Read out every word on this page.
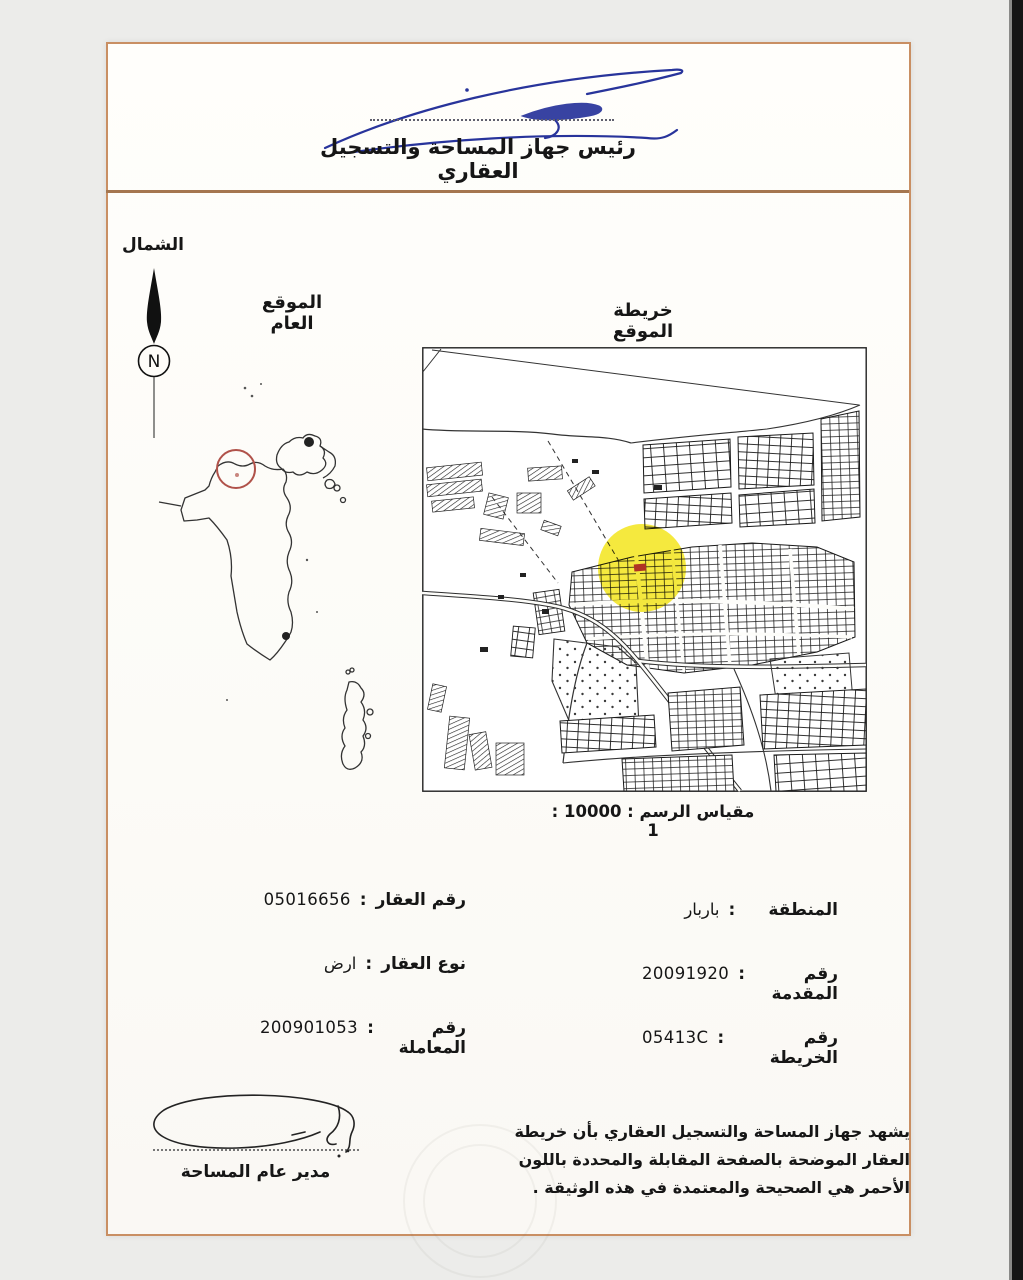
رئيس جهاز المساحة والتسجيل العقاري
الشمال
N
الموقع العام
خريطة الموقع
مقياس الرسم : 10000 : 1
المنطقة
:
باربار
رقم المقدمة
:
20091920
رقم الخريطة
:
05413C
رقم العقار
:
05016656
نوع العقار
:
ارض
رقم المعاملة
:
200901053
مدير عام المساحة
يشهد جهاز المساحة والتسجيل العقاري بأن خريطة
العقار الموضحة بالصفحة المقابلة والمحددة باللون
الأحمر هي الصحيحة والمعتمدة في هذه الوثيقة .
